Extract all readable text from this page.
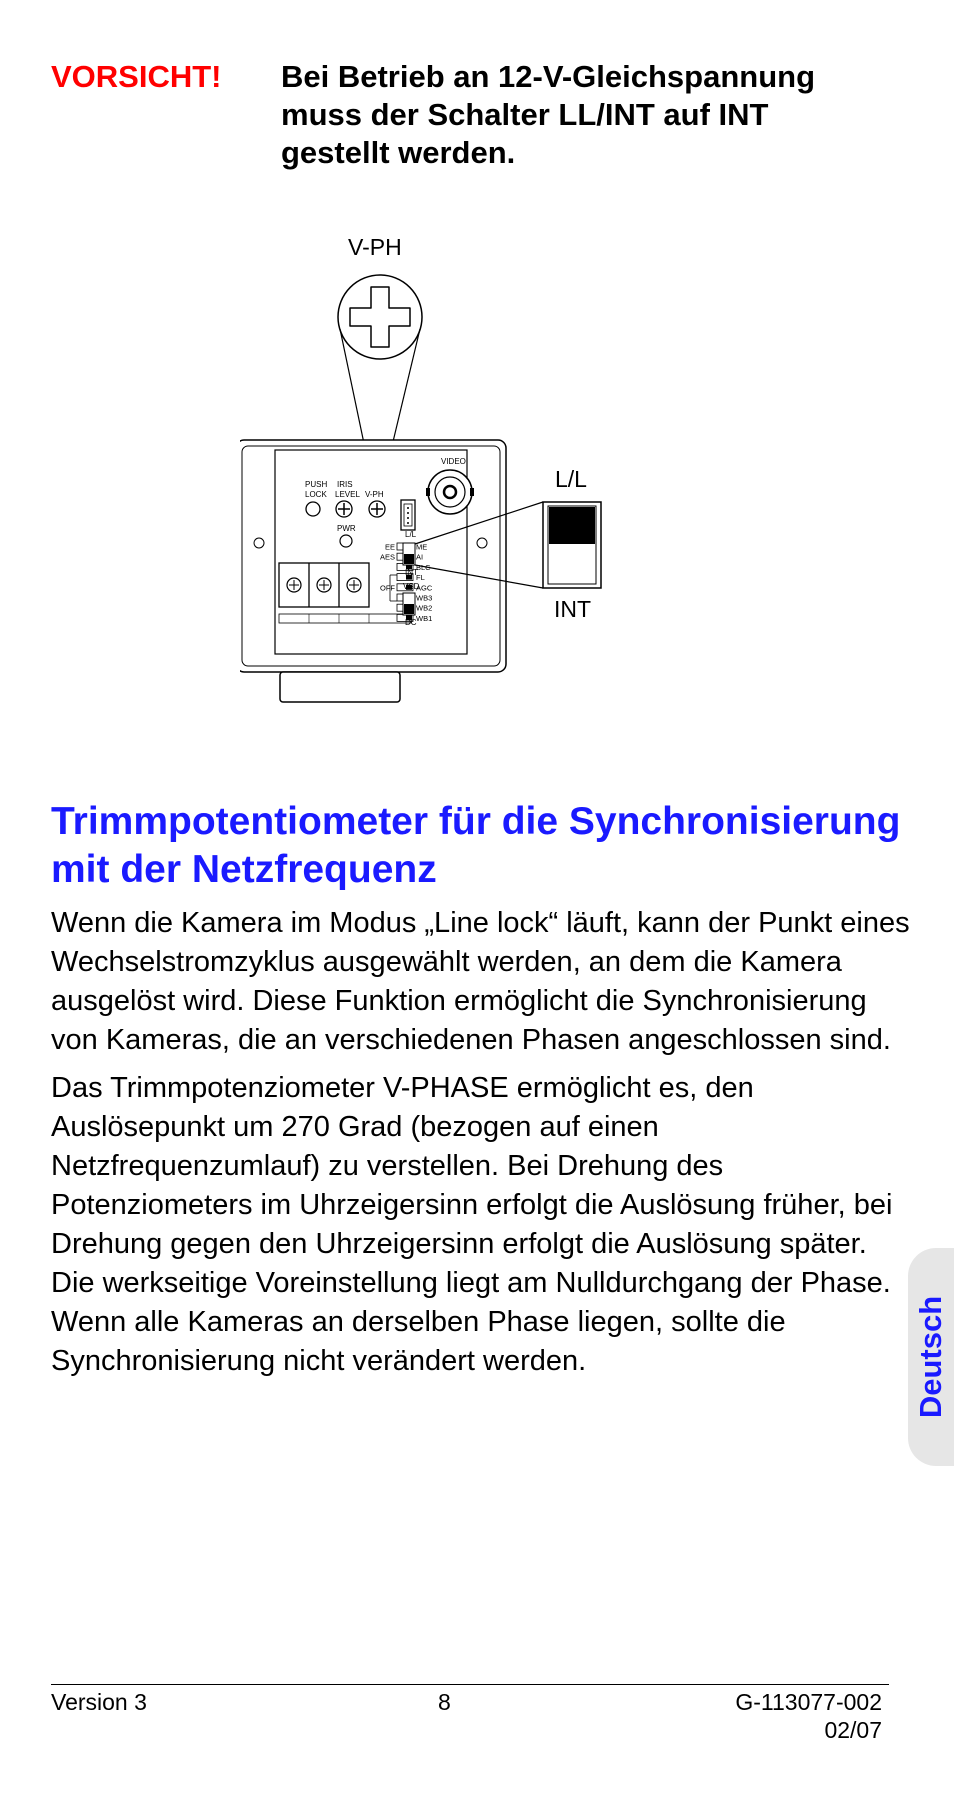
VORSICHT! Bei Betrieb an 12-V-Gleichspannung muss der Schalter LL/INT auf INT gestellt werden.
V-PH
PUSH
LOCK
IRIS
LEVEL V-PH
VIDEO
PWR
EE	ME
AES	AI
BLC
FL
OFF	AGC
WB3
WB2
WB1
L/L
INT
VSD
DC
L/L
INT
Trimmpotentiometer für die Synchronisierung mit der Netzfrequenz

Wenn die Kamera im Modus „Line lock“ läuft, kann der Punkt eines Wechselstromzyklus ausgewählt werden, an dem die Kamera ausgelöst wird. Diese Funktion ermöglicht die Synchronisierung von Kameras, die an verschiedenen Phasen angeschlossen sind.

Das Trimmpotenziometer V-PHASE ermöglicht es, den Auslösepunkt um 270 Grad (bezogen auf einen Netzfrequenzumlauf) zu verstellen. Bei Drehung des Potenziometers im Uhrzeigersinn erfolgt die Auslösung früher, bei Drehung gegen den Uhrzeigersinn erfolgt die Auslösung später. Die werkseitige Voreinstellung liegt am Nulldurchgang der Phase. Wenn alle Kameras an derselben Phase liegen, sollte die Synchronisierung nicht verändert werden.	Deutsch
Version 3	8	G-113077-002
02/07
